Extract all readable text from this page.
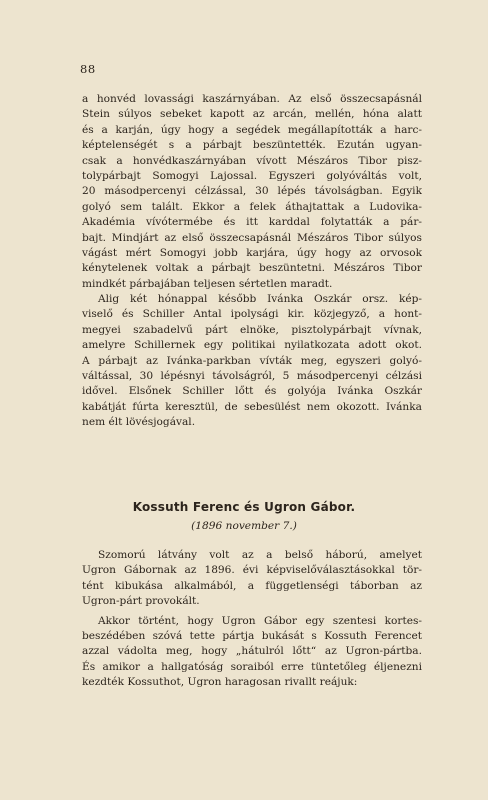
88
a honvéd lovassági kaszárnyában. Az első összecsapásnál
Stein súlyos sebeket kapott az arcán, mellén, hóna alatt
és a karján, úgy hogy a segédek megállapították a harc-
képtelenségét s a párbajt beszüntették. Ezután ugyan-
csak a honvédkaszárnyában vívott Mészáros Tibor pisz-
tolypárbajt Somogyi Lajossal. Egyszeri golyóváltás volt,
20 másodpercenyi célzással, 30 lépés távolságban. Egyik
golyó sem talált. Ekkor a felek áthajtattak a Ludovika-
Akadémia vívótermébe és itt karddal folytatták a pár-
bajt. Mindjárt az első összecsapásnál Mészáros Tibor súlyos
vágást mért Somogyi jobb karjára, úgy hogy az orvosok
kénytelenek voltak a párbajt beszüntetni. Mészáros Tibor
mindkét párbajában teljesen sértetlen maradt.
Alig két hónappal később Ivánka Oszkár orsz. kép-
viselő és Schiller Antal ipolysági kir. közjegyző, a hont-
megyei szabadelvű párt elnöke, pisztolypárbajt vívnak,
amelyre Schillernek egy politikai nyilatkozata adott okot.
A párbajt az Ivánka-parkban vívták meg, egyszeri golyó-
váltással, 30 lépésnyi távolságról, 5 másodpercenyi célzási
idővel. Elsőnek Schiller lőtt és golyója Ivánka Oszkár
kabátját fúrta keresztül, de sebesülést nem okozott. Ivánka
nem élt lövésjogával.
Kossuth Ferenc és Ugron Gábor.
(1896 november 7.)
Szomorú látvány volt az a belső háború, amelyet
Ugron Gábornak az 1896. évi képviselőválasztásokkal tör-
tént kibukása alkalmából, a függetlenségi táborban az
Ugron-párt provokált.
Akkor történt, hogy Ugron Gábor egy szentesi kortes-
beszédében szóvá tette pártja bukását s Kossuth Ferencet
azzal vádolta meg, hogy „hátulról lőtt“ az Ugron-pártba.
És amikor a hallgatóság soraiból erre tüntetőleg éljenezni
kezdték Kossuthot, Ugron haragosan rivallt reájuk:
